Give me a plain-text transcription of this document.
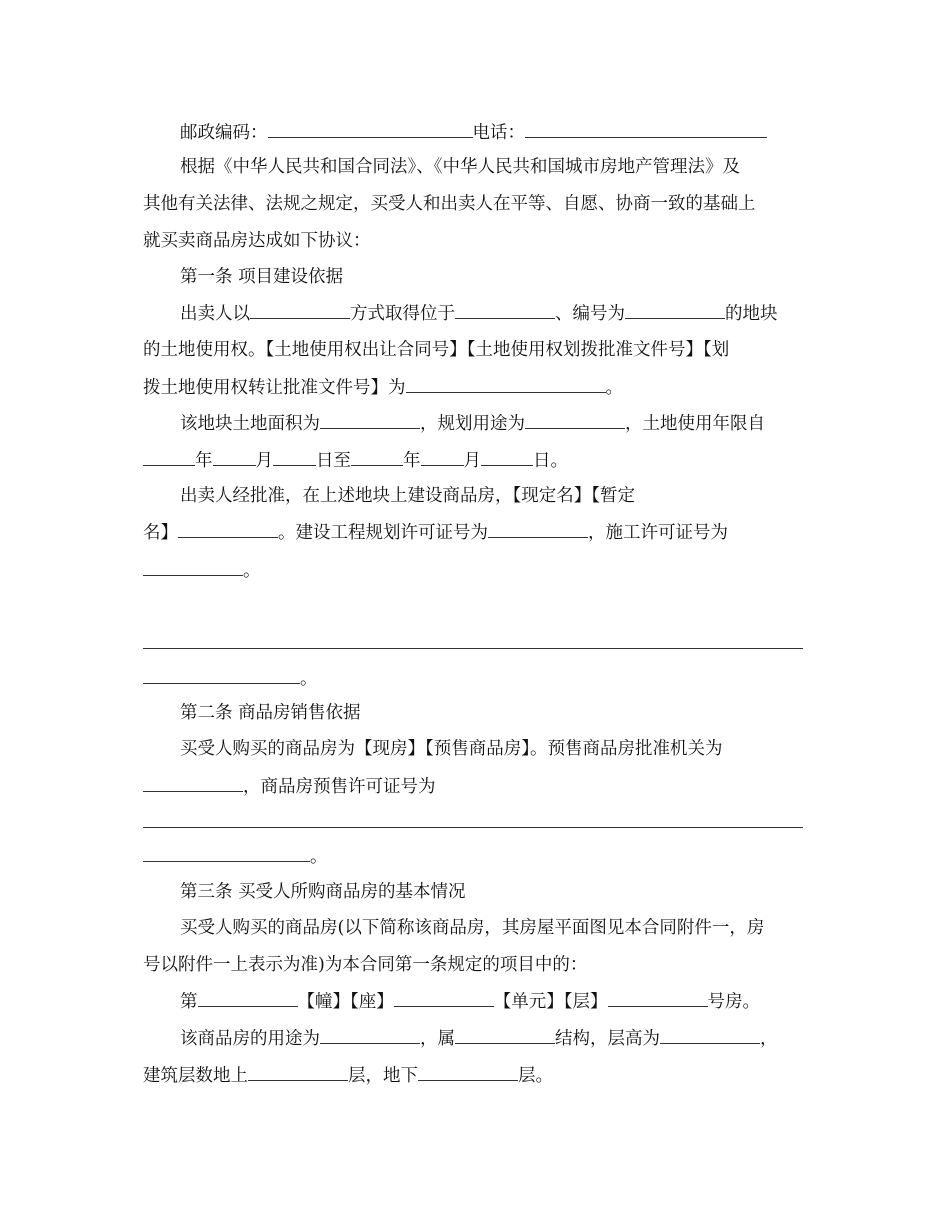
邮政编码：	电话：
根据《中华人民共和国合同法》、《中华人民共和国城市房地产管理法》及
其他有关法律、法规之规定，买受人和出卖人在平等、自愿、协商一致的基础上
就买卖商品房达成如下协议：
第一条 项目建设依据
出卖人以	方式取得位于	、编号为	的地块
的土地使用权。【土地使用权出让合同号】【土地使用权划拨批准文件号】【划
拨土地使用权转让批准文件号】为	。
该地块土地面积为	，规划用途为	，土地使用年限自
年 月 日至	年 月	日。
出卖人经批准，在上述地块上建设商品房，【现定名】【暂定
名】	。建设工程规划许可证号为	，施工许可证号为
。
。
第二条 商品房销售依据
买受人购买的商品房为【现房】【预售商品房】。预售商品房批准机关为
，商品房预售许可证号为
。
第三条 买受人所购商品房的基本情况
买受人购买的商品房(以下简称该商品房，其房屋平面图见本合同附件一，房
号以附件一上表示为准)为本合同第一条规定的项目中的：
第	【幢】【座】	【单元】【层】	号房。
该商品房的用途为	，属	结构，层高为	，
建筑层数地上	层，地下	层。
